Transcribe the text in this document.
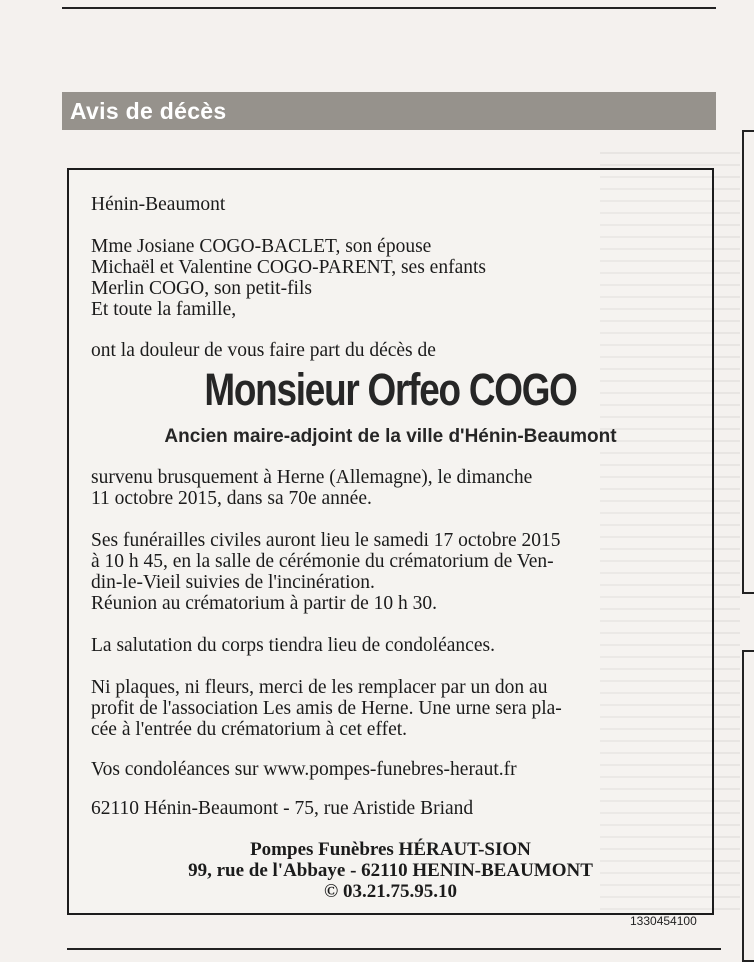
Avis de décès
Hénin-Beaumont
Mme Josiane COGO-BACLET, son épouse
Michaël et Valentine COGO-PARENT, ses enfants
Merlin COGO, son petit-fils
Et toute la famille,
ont la douleur de vous faire part du décès de
Monsieur Orfeo COGO
Ancien maire-adjoint de la ville d'Hénin-Beaumont
survenu brusquement à Herne (Allemagne), le dimanche
11 octobre 2015, dans sa 70e année.
Ses funérailles civiles auront lieu le samedi 17 octobre 2015
à 10 h 45, en la salle de cérémonie du crématorium de Ven-
din-le-Vieil suivies de l'incinération.
Réunion au crématorium à partir de 10 h 30.
La salutation du corps tiendra lieu de condoléances.
Ni plaques, ni fleurs, merci de les remplacer par un don au
profit de l'association Les amis de Herne. Une urne sera pla-
cée à l'entrée du crématorium à cet effet.
Vos condoléances sur www.pompes-funebres-heraut.fr
62110 Hénin-Beaumont - 75, rue Aristide Briand
Pompes Funèbres HÉRAUT-SION
99, rue de l'Abbaye - 62110 HENIN-BEAUMONT
© 03.21.75.95.10
1330454100
